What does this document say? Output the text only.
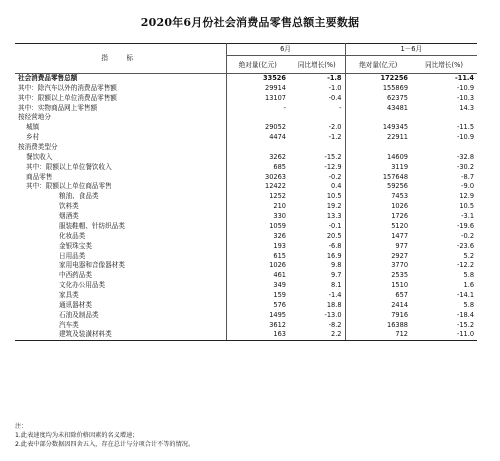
2020年6月份社会消费品零售总额主要数据
指　标	6月		1－6月	
	绝对量(亿元)	同比增长(%)	绝对量(亿元)	同比增长(%)
社会消费品零售总额	33526	-1.8	172256	-11.4
其中：除汽车以外的消费品零售额	29914	-1.0	155869	-10.9
其中：限额以上单位消费品零售额	13107	-0.4	62375	-10.3
其中：实物商品网上零售额	-	-	43481	14.3
按经营地分				
城镇	29052	-2.0	149345	-11.5
乡村	4474	-1.2	22911	-10.9
按消费类型分				
餐饮收入	3262	-15.2	14609	-32.8
其中：限额以上单位餐饮收入	685	-12.9	3119	-30.2
商品零售	30263	-0.2	157648	-8.7
其中：限额以上单位商品零售	12422	0.4	59256	-9.0
粮油、食品类	1252	10.5	7453	12.9
饮料类	210	19.2	1026	10.5
烟酒类	330	13.3	1726	-3.1
服装鞋帽、针纺织品类	1059	-0.1	5120	-19.6
化妆品类	326	20.5	1477	-0.2
金银珠宝类	193	-6.8	977	-23.6
日用品类	615	16.9	2927	5.2
家用电器和音像器材类	1026	9.8	3770	-12.2
中西药品类	461	9.7	2535	5.8
文化办公用品类	349	8.1	1510	1.6
家具类	159	-1.4	657	-14.1
通讯器材类	576	18.8	2414	5.8
石油及制品类	1495	-13.0	7916	-18.4
汽车类	3612	-8.2	16388	-15.2
建筑及装潢材料类	163	2.2	712	-11.0
注：
1.此表速度均为未扣除价格因素的名义增速；
2.此表中部分数据因四舍五入，存在总计与分项合计不等的情况。
